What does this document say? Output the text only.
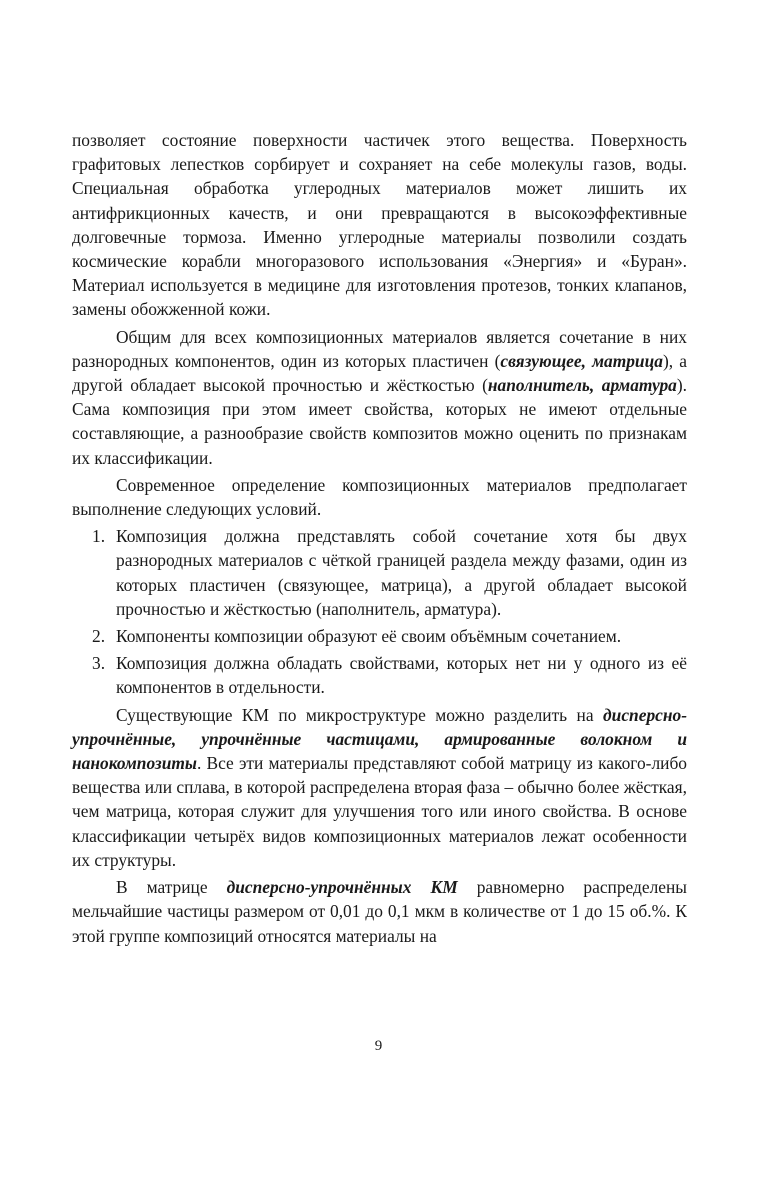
позволяет состояние поверхности частичек этого вещества. Поверхность графитовых лепестков сорбирует и сохраняет на себе молекулы газов, воды. Специальная обработка углеродных материалов может лишить их антифрикционных качеств, и они превращаются в высокоэффективные долговечные тормоза. Именно углеродные материалы позволили создать космические корабли многоразового использования «Энергия» и «Буран». Материал используется в медицине для изготовления протезов, тонких клапанов, замены обожженной кожи.

Общим для всех композиционных материалов является сочетание в них разнородных компонентов, один из которых пластичен (связующее, матрица), а другой обладает высокой прочностью и жёсткостью (наполнитель, арматура). Сама композиция при этом имеет свойства, которых не имеют отдельные составляющие, а разнообразие свойств композитов можно оценить по признакам их классификации.

Современное определение композиционных материалов предполагает выполнение следующих условий.

1. Композиция должна представлять собой сочетание хотя бы двух разнородных материалов с чёткой границей раздела между фазами, один из которых пластичен (связующее, матрица), а другой обладает высокой прочностью и жёсткостью (наполнитель, арматура).

2. Компоненты композиции образуют её своим объёмным сочетанием.

3. Композиция должна обладать свойствами, которых нет ни у одного из её компонентов в отдельности.

Существующие КМ по микроструктуре можно разделить на дисперсно-упрочнённые, упрочнённые частицами, армированные волокном и нанокомпозиты. Все эти материалы представляют собой матрицу из какого-либо вещества или сплава, в которой распределена вторая фаза – обычно более жёсткая, чем матрица, которая служит для улучшения того или иного свойства. В основе классификации четырёх видов композиционных материалов лежат особенности их структуры.

В матрице дисперсно-упрочнённых КМ равномерно распределены мельчайшие частицы размером от 0,01 до 0,1 мкм в количестве от 1 до 15 об.%. К этой группе композиций относятся материалы на

9
